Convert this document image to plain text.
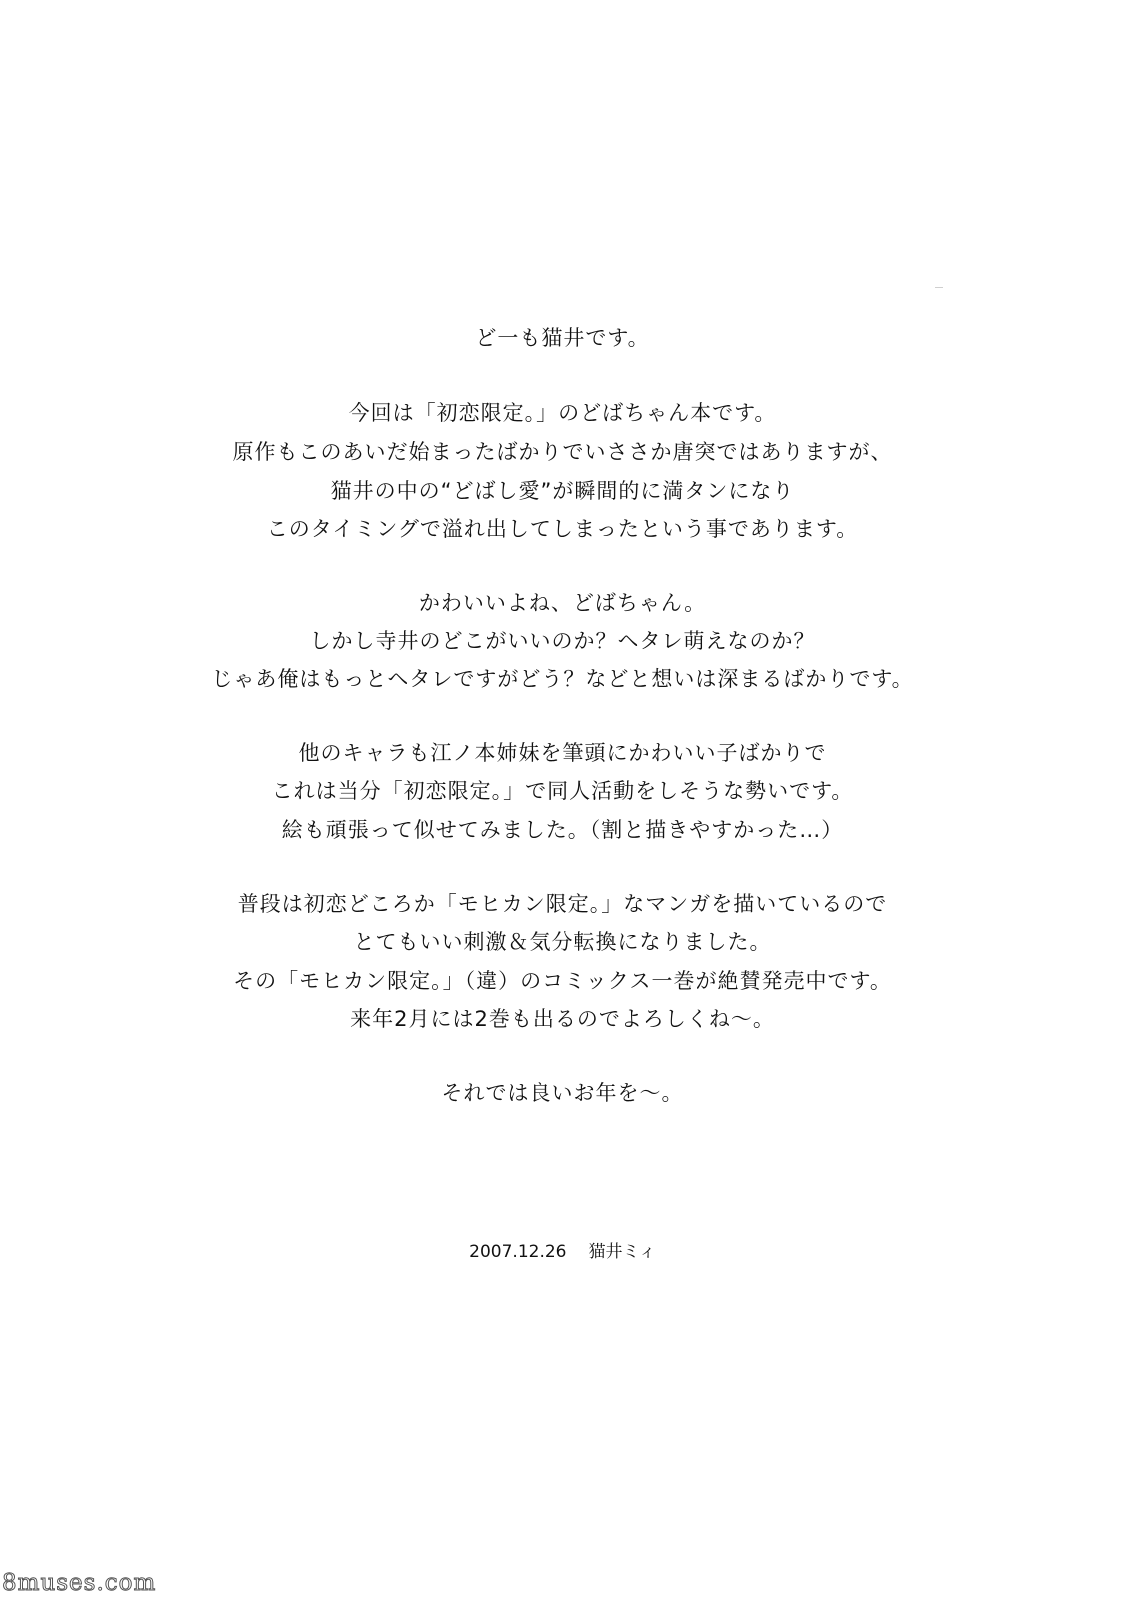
ど一も猫井です。
今回は「初恋限定。」のどばちゃん本です。
原作もこのあいだ始まったばかりでいささか唐突ではありますが、
猫井の中の“どばし愛”が瞬間的に満タンになり
このタイミングで溢れ出してしまったという事であります。
かわいいよね、どばちゃん。
しかし寺井のどこがいいのか？ヘタレ萌えなのか？
じゃあ俺はもっとヘタレですがどう？などと想いは深まるばかりです。
他のキャラも江ノ本姉妹を筆頭にかわいい子ばかりで
これは当分「初恋限定。」で同人活動をしそうな勢いです。
絵も頑張って似せてみました。（割と描きやすかった…）
普段は初恋どころか「モヒカン限定。」なマンガを描いているので
とてもいい刺激＆気分転換になりました。
その「モヒカン限定。」（違）のコミックス一巻が絶賛発売中です。
来年2月には2巻も出るのでよろしくね～。
それでは良いお年を～。
2007.12.26 猫井ミィ
8muses.com
